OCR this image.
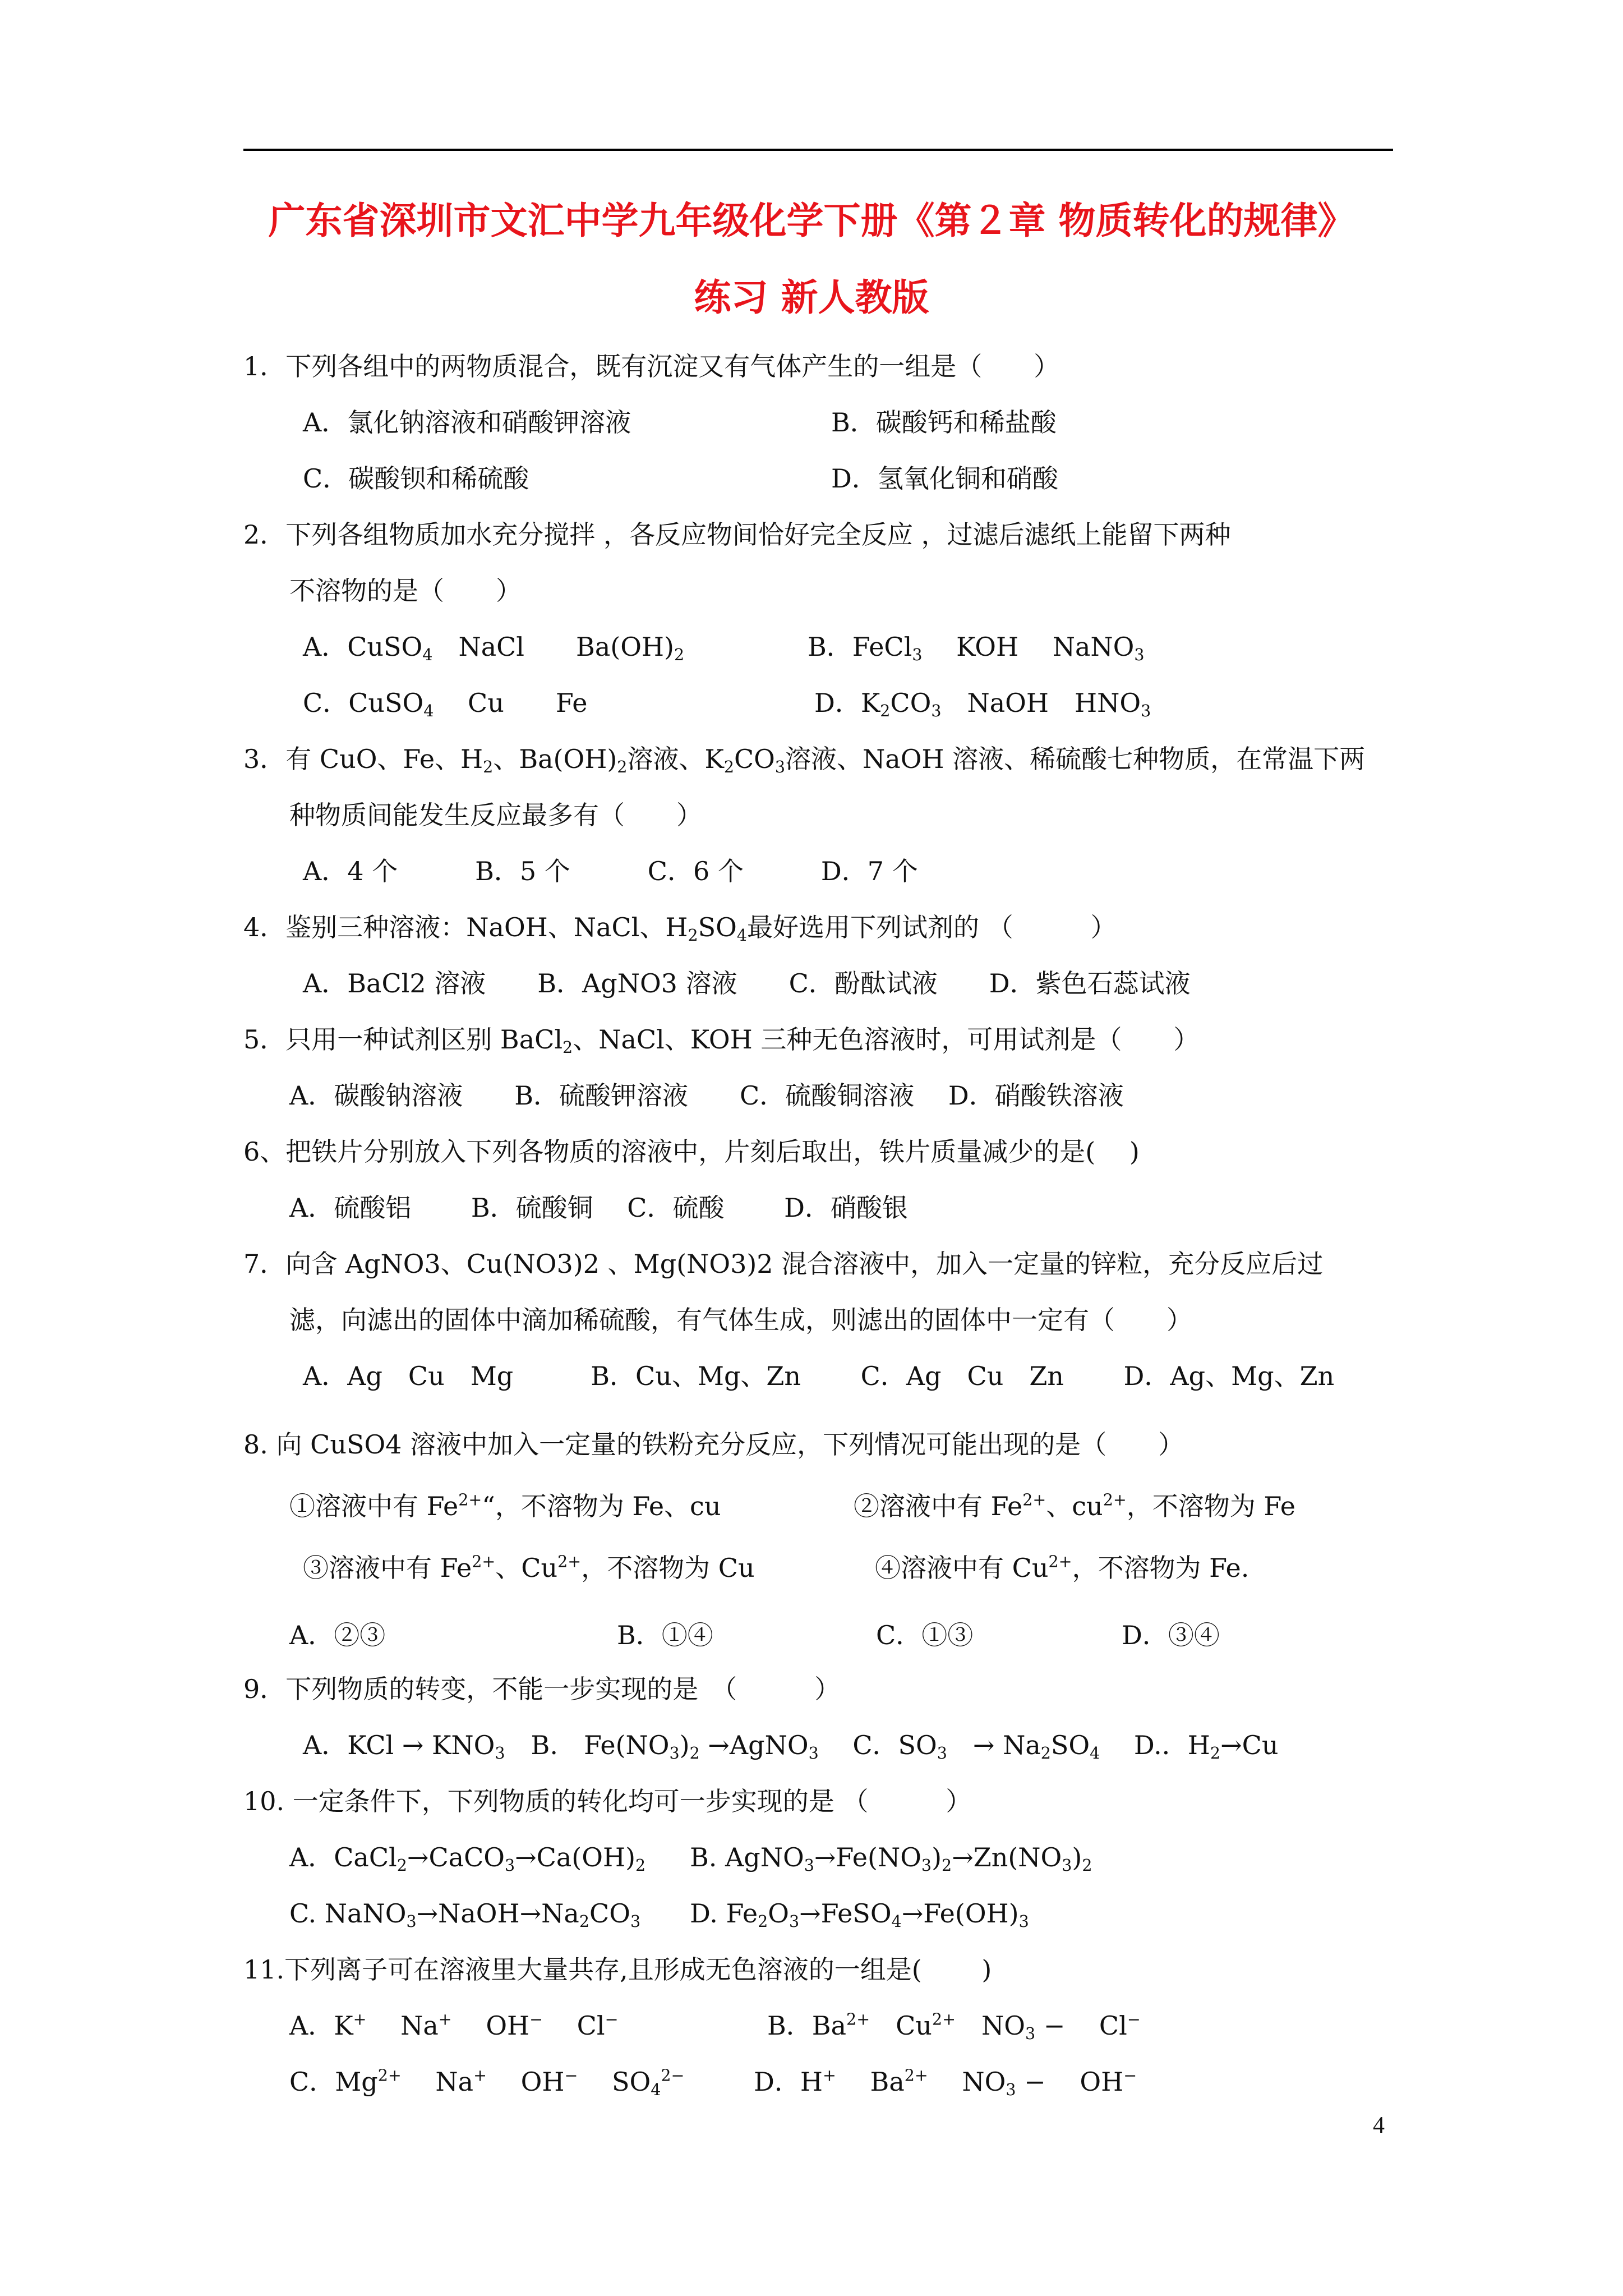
广东省深圳市文汇中学九年级化学下册《第２章 物质转化的规律》
练习 新人教版
1．下列各组中的两物质混合，既有沉淀又有气体产生的一组是（　　）
A．氯化钠溶液和硝酸钾溶液	B．碳酸钙和稀盐酸
C．碳酸钡和稀硫酸	D．氢氧化铜和硝酸
2．下列各组物质加水充分搅拌 ，各反应物间恰好完全反应 ，过滤后滤纸上能留下两种
不溶物的是（　　）
A．CuSO$_4$　NaCl　　$Ba(OH)_2$	B．FeCl$_3$　 KOH　 NaNO$_3$
C．CuSO$_4$　 Cu　　Fe	D．$K_2CO_3$　NaOH　$HNO_3$
3．有 CuO、Fe、$H_2$、$Ba(OH)_2$溶液、$K_2CO_3$溶液、NaOH 溶液、稀硫酸七种物质，在常温下两
种物质间能发生反应最多有（　　）
A．4 个　　　B．5 个　　　C．6 个　　　D．7 个
4．鉴别三种溶液：NaOH、NaCl、$H_2SO_4$最好选用下列试剂的 （　　　）
A．BaCl2 溶液　　B．AgNO3 溶液　　C．酚酞试液　　D．紫色石蕊试液
5．只用一种试剂区别 BaCl$_2$、NaCl、KOH 三种无色溶液时，可用试剂是（　　）
A．碳酸钠溶液　　B．硫酸钾溶液　　C．硫酸铜溶液　 D．硝酸铁溶液
6、把铁片分别放入下列各物质的溶液中，片刻后取出，铁片质量减少的是(　 )
A．硫酸铝　　 B．硫酸铜　 C．硫酸　　 D．硝酸银
7．向含 AgNO3、Cu(NO3)2 、Mg(NO3)2 混合溶液中，加入一定量的锌粒，充分反应后过
滤，向滤出的固体中滴加稀硫酸，有气体生成，则滤出的固体中一定有（　　）
A．Ag　Cu　Mg　　　B．Cu、Mg、Zn　　 C．Ag　Cu　Zn　　 D．Ag、Mg、Zn
8. 向 CuSO4 溶液中加入一定量的铁粉充分反应，下列情况可能出现的是（　　）
①溶液中有 $Fe^{2+}“$，不溶物为 Fe、cu	②溶液中有 $Fe^{2+}$、$cu^{2+}$，不溶物为 Fe
③溶液中有 $Fe^{2+}$、$Cu^{2+}$，不溶物为 Cu	④溶液中有 $Cu^{2+}$，不溶物为 Fe.
A．②③	B．①④	C．①③	D．③④
9．下列物质的转变，不能一步实现的是　（　　　）
A．KCl → $KNO_3$　B.　$Fe(NO_3)_2$ →AgNO$_3$　 C．$SO_3$　→ $Na_2SO_4$　 D.．$H_2\to Cu$
10. 一定条件下，下列物质的转化均可一步实现的是 （　　　）
A．$CaCl_2\to CaCO_3\to Ca(OH)_2$ B. $AgNO_3\to Fe(NO_3)_2\to Zn(NO_3)_2$
C. $NaNO_3\to NaOH\to Na_2CO_3$ D. $Fe_2O_3\to FeSO_4\to Fe(OH)_3$
11.下列离子可在溶液里大量共存,且形成无色溶液的一组是(　　 )
A．K+　 Na+　 OH−　 Cl−	B．$Ba^{2+}$　$Cu^{2+}$　$NO_3$ − 　Cl−
C．$Mg^{2+}$　 Na+　 OH−　 $SO_4^{2-}$	D．H+　 $Ba^{2+}$　 $NO_3$ − 　OH−
4
